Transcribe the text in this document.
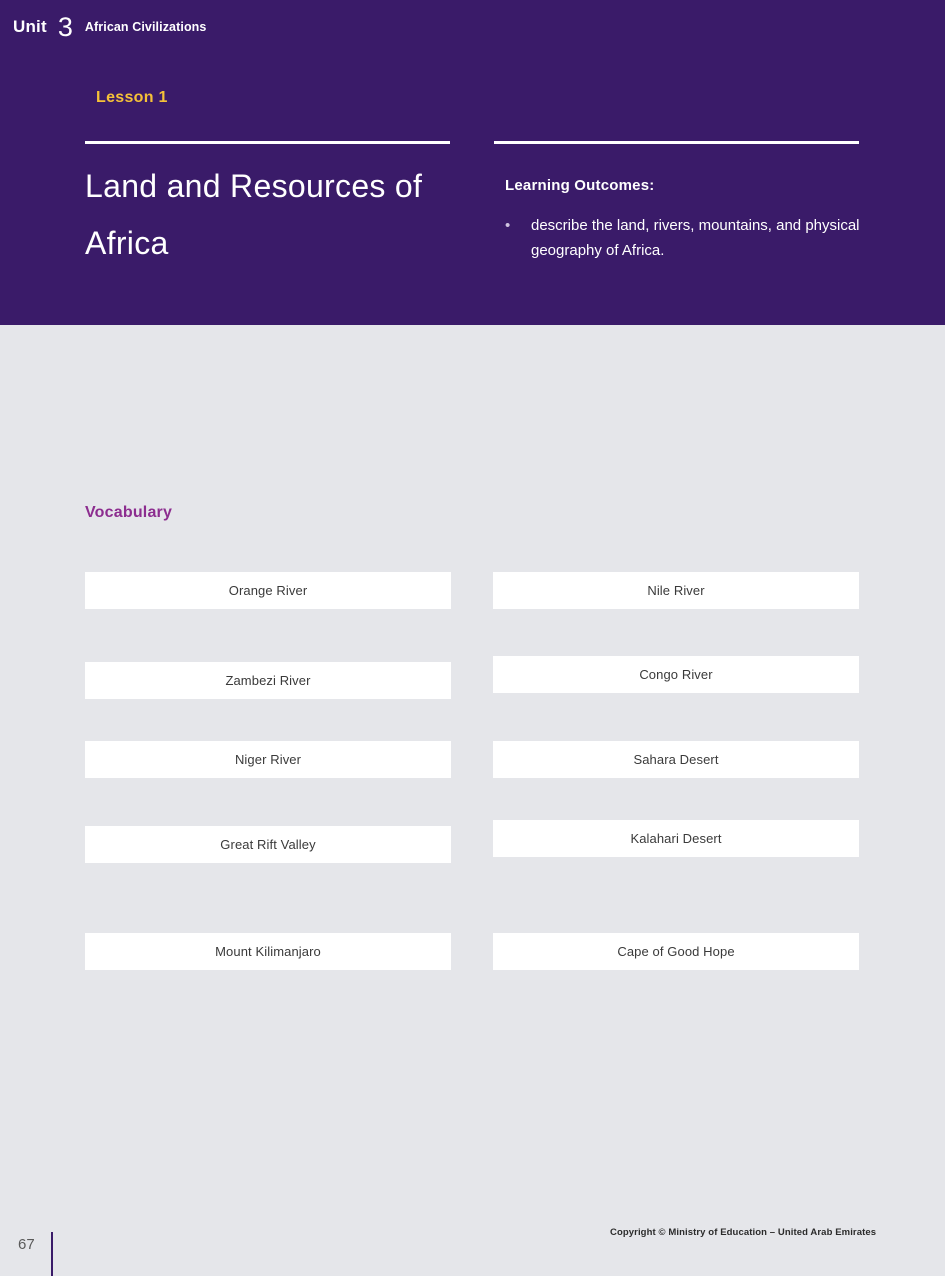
Unit 3 African Civilizations
Lesson 1
Land and Resources of Africa
Learning Outcomes:
•	describe the land, rivers, mountains, and physical geography of Africa.
Vocabulary
Orange River
Zambezi River
Niger River
Great Rift Valley
Mount Kilimanjaro
Nile River
Congo River
Sahara Desert
Kalahari Desert
Cape of Good Hope
Copyright © Ministry of Education – United Arab Emirates
67
